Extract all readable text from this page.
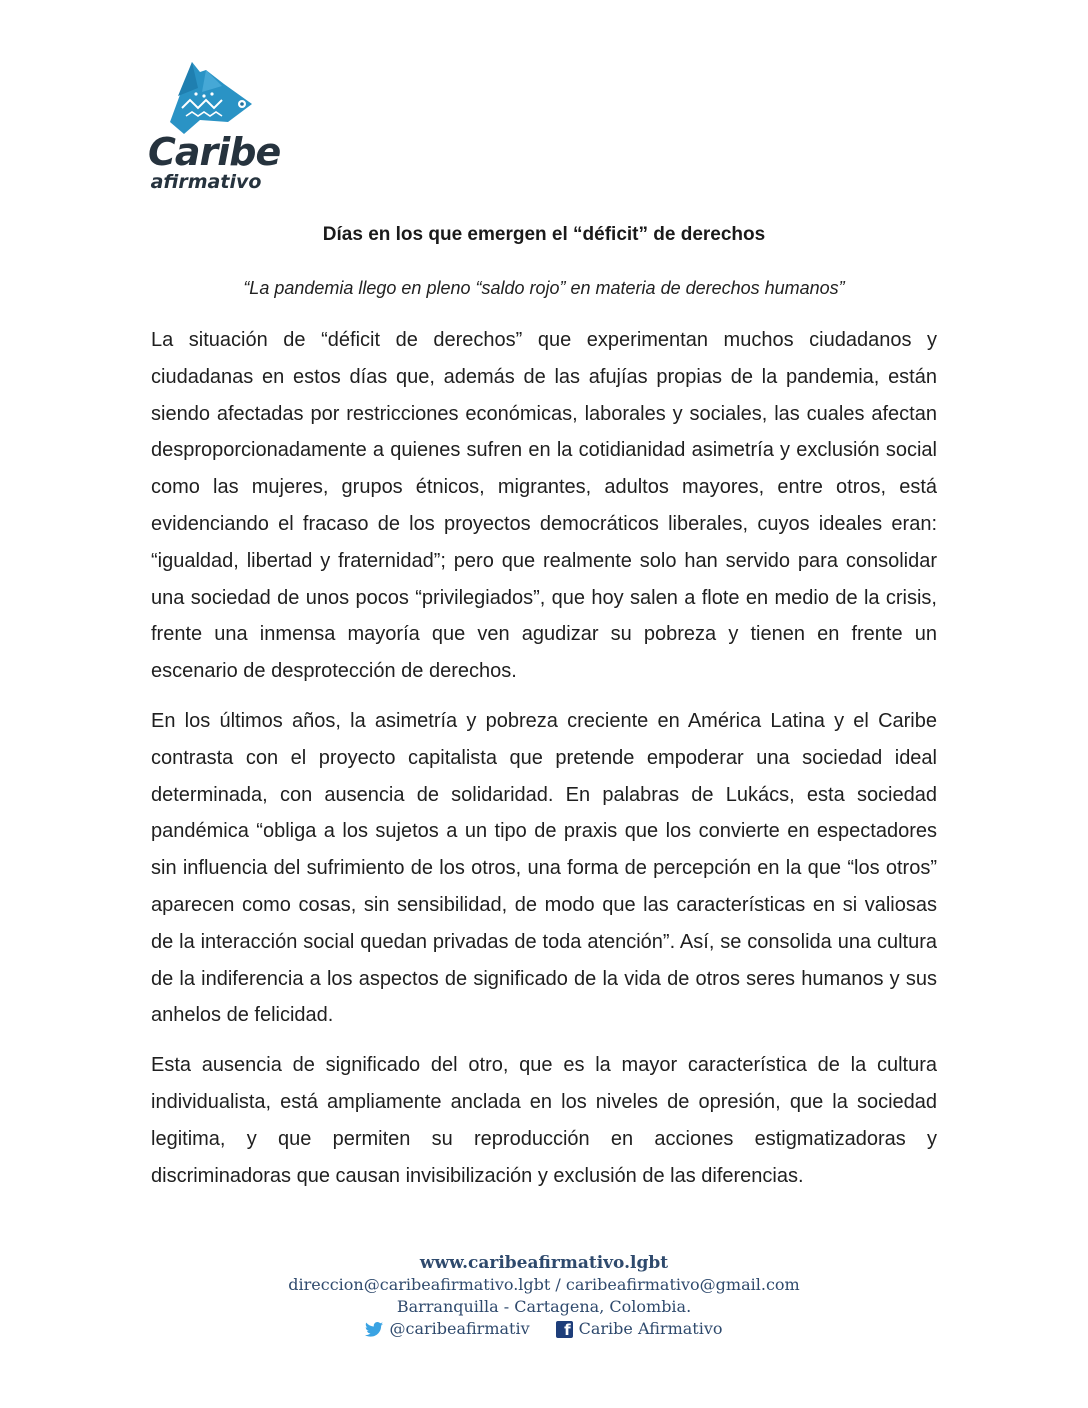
Caribe
afirmativo
Días en los que emergen el “déficit” de derechos

“La pandemia llego en pleno “saldo rojo” en materia de derechos humanos”

La situación de “déficit de derechos” que experimentan muchos ciudadanos y ciudadanas en estos días que, además de las afujías propias de la pandemia, están siendo afectadas por restricciones económicas, laborales y sociales, las cuales afectan desproporcionadamente a quienes sufren en la cotidianidad asimetría y exclusión social como las mujeres, grupos étnicos, migrantes, adultos mayores, entre otros, está evidenciando el fracaso de los proyectos democráticos liberales, cuyos ideales eran: “igualdad, libertad y fraternidad”; pero que realmente solo han servido para consolidar una sociedad de unos pocos “privilegiados”, que hoy salen a flote en medio de la crisis, frente una inmensa mayoría que ven agudizar su pobreza y tienen en frente un escenario de desprotección de derechos.

En los últimos años, la asimetría y pobreza creciente en América Latina y el Caribe contrasta con el proyecto capitalista que pretende empoderar una sociedad ideal determinada, con ausencia de solidaridad. En palabras de Lukács, esta sociedad pandémica “obliga a los sujetos a un tipo de praxis que los convierte en espectadores sin influencia del sufrimiento de los otros, una forma de percepción en la que “los otros” aparecen como cosas, sin sensibilidad, de modo que las características en si valiosas de la interacción social quedan privadas de toda atención”. Así, se consolida una cultura de la indiferencia a los aspectos de significado de la vida de otros seres humanos y sus anhelos de felicidad.

Esta ausencia de significado del otro, que es la mayor característica de la cultura individualista, está ampliamente anclada en los niveles de opresión, que la sociedad legitima, y que permiten su reproducción en acciones estigmatizadoras y discriminadoras que causan invisibilización y exclusión de las diferencias.

www.caribeafirmativo.lgbt
direccion@caribeafirmativo.lgbt / caribeafirmativo@gmail.com
Barranquilla - Cartagena, Colombia.
@caribeafirmativ	f Caribe Afirmativo
